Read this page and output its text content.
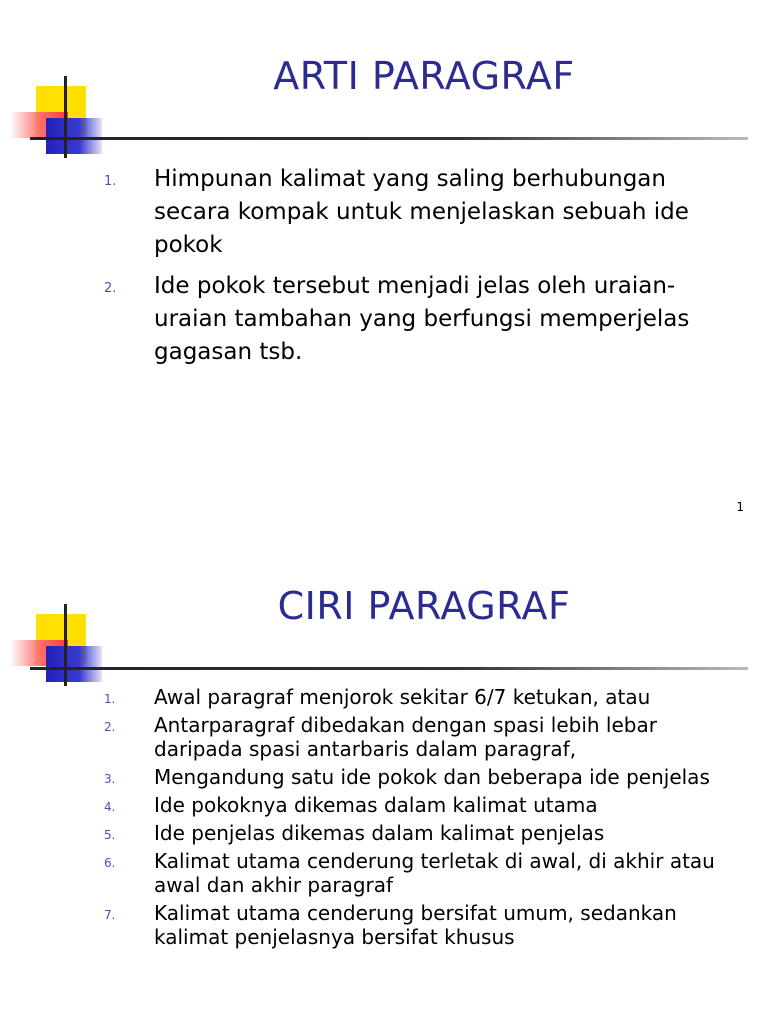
ARTI PARAGRAF
1.	Himpunan kalimat yang saling berhubungan secara kompak untuk menjelaskan sebuah ide pokok
2.	Ide pokok tersebut menjadi jelas oleh uraian-uraian tambahan yang berfungsi memperjelas gagasan tsb.
1
CIRI PARAGRAF
1.	Awal paragraf menjorok sekitar 6/7 ketukan, atau
2.	Antarparagraf dibedakan dengan spasi lebih lebar daripada spasi antarbaris dalam paragraf,
3.	Mengandung satu ide pokok dan beberapa ide penjelas
4.	Ide pokoknya dikemas dalam kalimat utama
5.	Ide penjelas dikemas dalam kalimat penjelas
6.	Kalimat utama cenderung terletak di awal, di akhir atau awal dan akhir paragraf
7.	Kalimat utama cenderung bersifat umum, sedankan kalimat penjelasnya bersifat khusus
